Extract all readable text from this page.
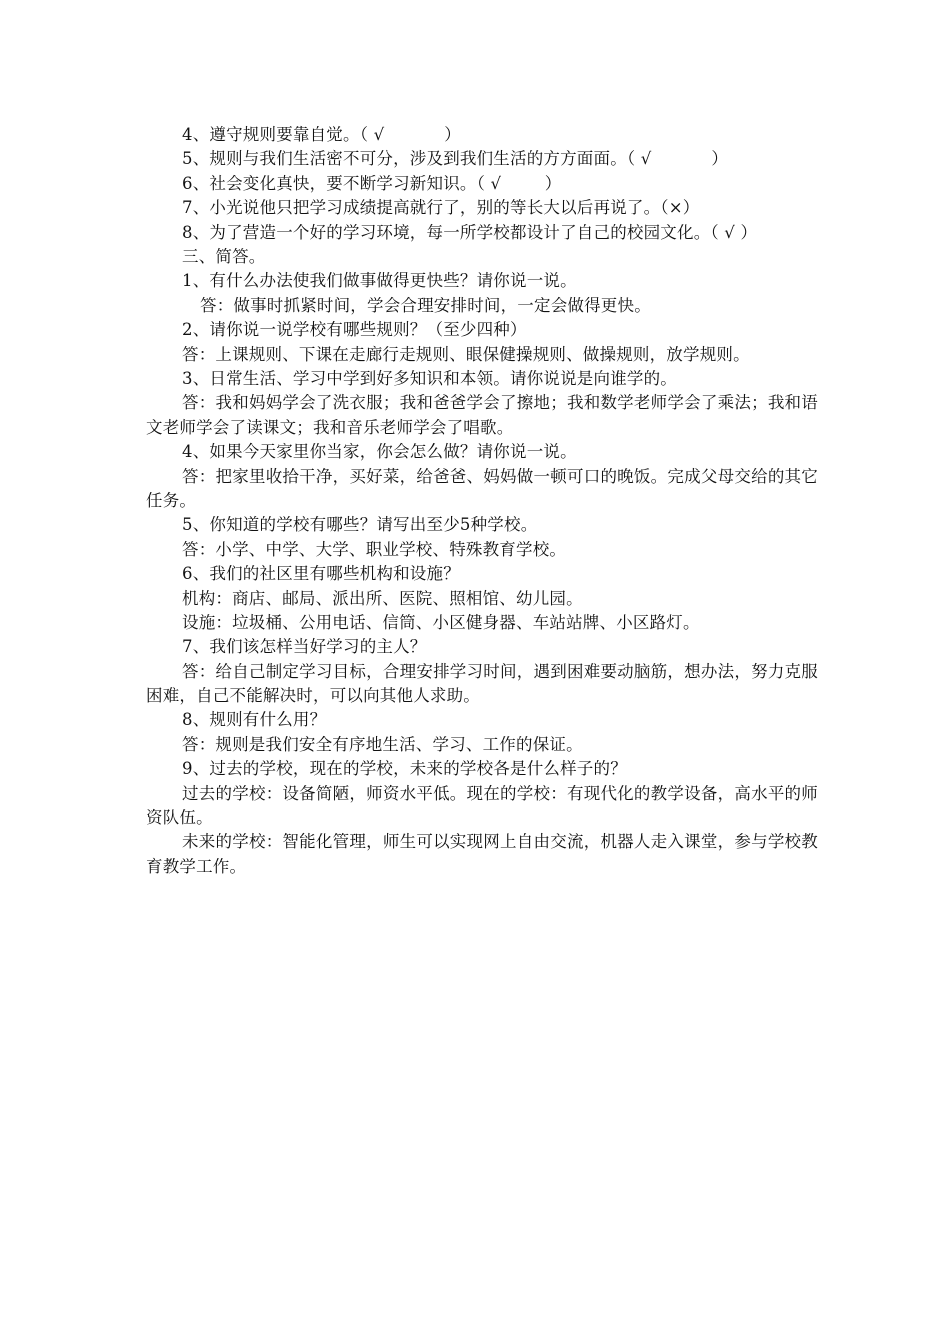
4、遵守规则要靠自觉。（ √           ）
5、规则与我们生活密不可分，涉及到我们生活的方方面面。（ √           ）
6、社会变化真快，要不断学习新知识。（ √        ）
7、小光说他只把学习成绩提高就行了，别的等长大以后再说了。（×）
8、为了营造一个好的学习环境，每一所学校都设计了自己的校园文化。（ √ ）
三、简答。
1、有什么办法使我们做事做得更快些？请你说一说。
答：做事时抓紧时间，学会合理安排时间，一定会做得更快。
2、请你说一说学校有哪些规则？（至少四种）
答：上课规则、下课在走廊行走规则、眼保健操规则、做操规则，放学规则。
3、日常生活、学习中学到好多知识和本领。请你说说是向谁学的。
答：我和妈妈学会了洗衣服；我和爸爸学会了擦地；我和数学老师学会了乘法；我和语文老师学会了读课文；我和音乐老师学会了唱歌。
4、如果今天家里你当家，你会怎么做？请你说一说。
答：把家里收拾干净，买好菜，给爸爸、妈妈做一顿可口的晚饭。完成父母交给的其它任务。
5、你知道的学校有哪些？请写出至少5种学校。
答：小学、中学、大学、职业学校、特殊教育学校。
6、我们的社区里有哪些机构和设施？
机构：商店、邮局、派出所、医院、照相馆、幼儿园。
设施：垃圾桶、公用电话、信筒、小区健身器、车站站牌、小区路灯。
7、我们该怎样当好学习的主人？
答：给自己制定学习目标，合理安排学习时间，遇到困难要动脑筋，想办法，努力克服困难，自己不能解决时，可以向其他人求助。
8、规则有什么用？
答：规则是我们安全有序地生活、学习、工作的保证。
9、过去的学校，现在的学校，未来的学校各是什么样子的？
过去的学校：设备简陋，师资水平低。现在的学校：有现代化的教学设备，高水平的师资队伍。
未来的学校：智能化管理，师生可以实现网上自由交流，机器人走入课堂，参与学校教育教学工作。
